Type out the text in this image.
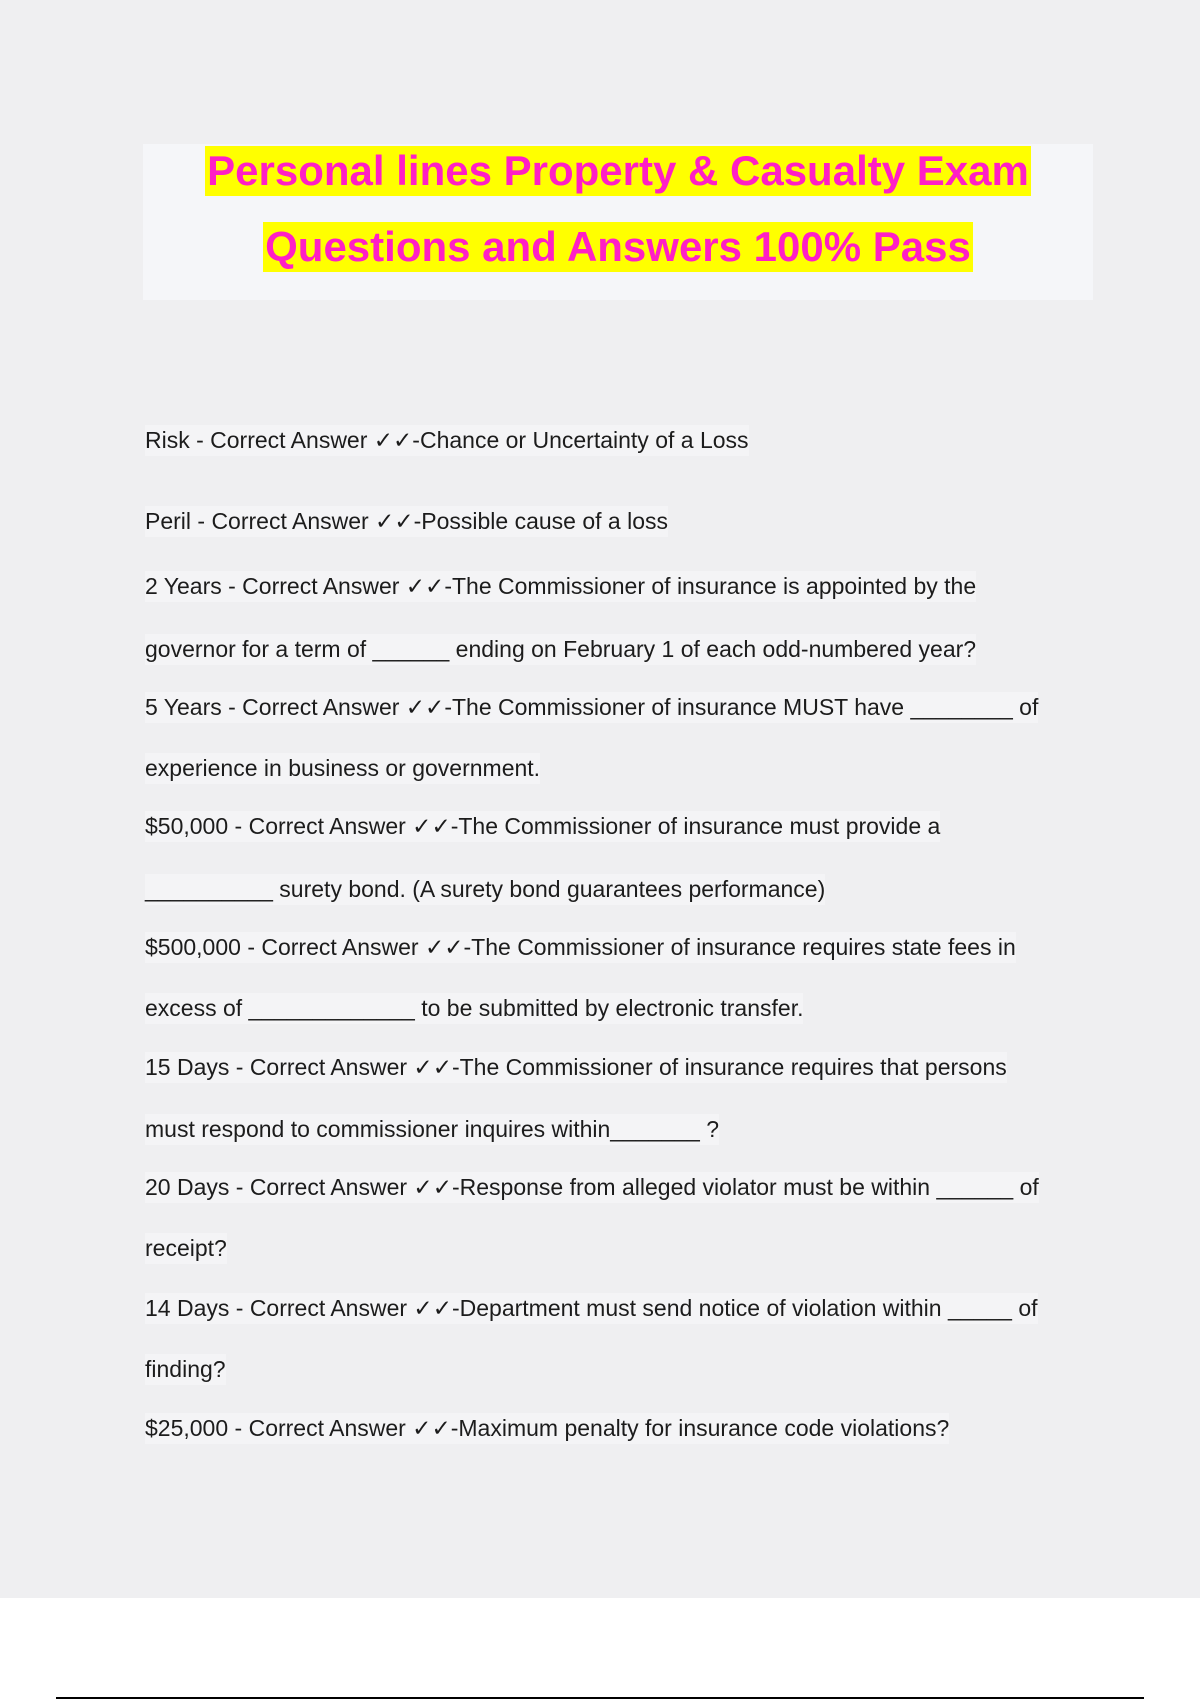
Personal lines Property & Casualty Exam
Questions and Answers 100% Pass
Risk - Correct Answer ✓✓-Chance or Uncertainty of a Loss
Peril - Correct Answer ✓✓-Possible cause of a loss
2 Years - Correct Answer ✓✓-The Commissioner of insurance is appointed by the
governor for a term of ______ ending on February 1 of each odd-numbered year?
5 Years - Correct Answer ✓✓-The Commissioner of insurance MUST have ________ of
experience in business or government.
$50,000 - Correct Answer ✓✓-The Commissioner of insurance must provide a
__________ surety bond. (A surety bond guarantees performance)
$500,000 - Correct Answer ✓✓-The Commissioner of insurance requires state fees in
excess of _____________ to be submitted by electronic transfer.
15 Days - Correct Answer ✓✓-The Commissioner of insurance requires that persons
must respond to commissioner inquires within_______ ?
20 Days - Correct Answer ✓✓-Response from alleged violator must be within ______ of
receipt?
14 Days - Correct Answer ✓✓-Department must send notice of violation within _____ of
finding?
$25,000 - Correct Answer ✓✓-Maximum penalty for insurance code violations?
